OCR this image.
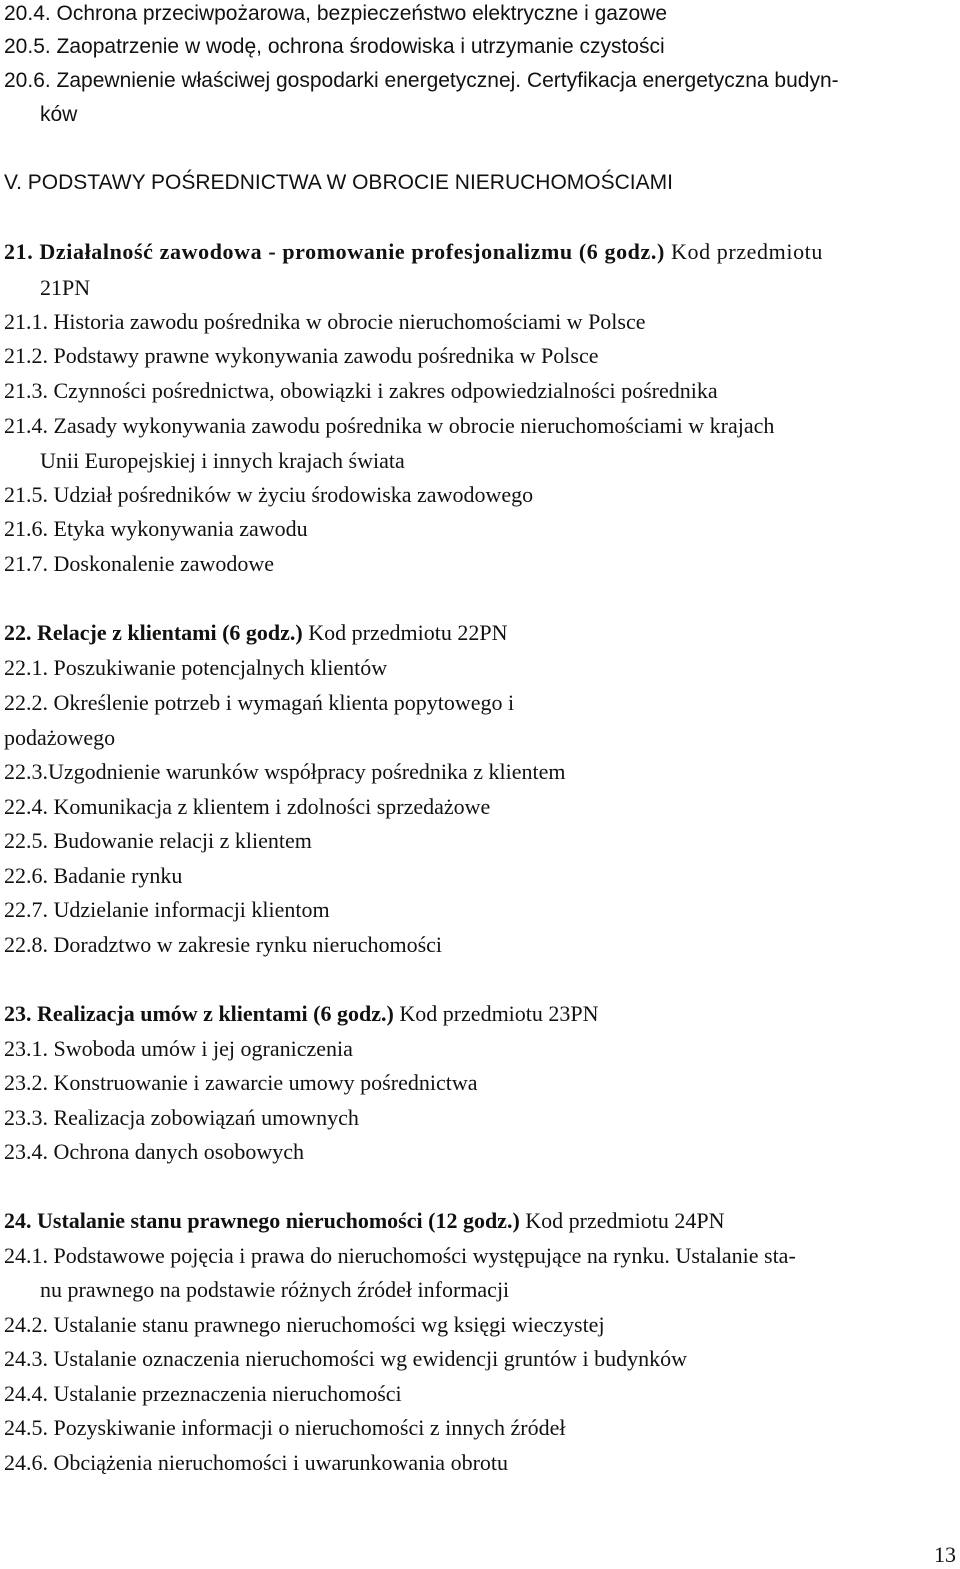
20.4. Ochrona przeciwpożarowa, bezpieczeństwo elektryczne i gazowe
20.5. Zaopatrzenie w wodę, ochrona środowiska i utrzymanie czystości
20.6. Zapewnienie właściwej gospodarki energetycznej. Certyfikacja energetyczna budyn-
ków
V. PODSTAWY POŚREDNICTWA W OBROCIE NIERUCHOMOŚCIAMI
21. Działalność zawodowa - promowanie profesjonalizmu (6 godz.) Kod przedmiotu
21PN
21.1. Historia zawodu pośrednika w obrocie nieruchomościami w Polsce
21.2. Podstawy prawne wykonywania zawodu pośrednika w Polsce
21.3. Czynności pośrednictwa, obowiązki i zakres odpowiedzialności pośrednika
21.4. Zasady wykonywania zawodu pośrednika w obrocie nieruchomościami w krajach
Unii Europejskiej i innych krajach świata
21.5. Udział pośredników w życiu środowiska zawodowego
21.6. Etyka wykonywania zawodu
21.7. Doskonalenie zawodowe
22. Relacje z klientami (6 godz.) Kod przedmiotu 22PN
22.1. Poszukiwanie potencjalnych klientów
22.2. Określenie potrzeb i wymagań klienta popytowego i
podażowego
22.3.Uzgodnienie warunków współpracy pośrednika z klientem
22.4. Komunikacja z klientem i zdolności sprzedażowe
22.5. Budowanie relacji z klientem
22.6. Badanie rynku
22.7. Udzielanie informacji klientom
22.8. Doradztwo w zakresie rynku nieruchomości
23. Realizacja umów z klientami (6 godz.) Kod przedmiotu 23PN
23.1. Swoboda umów i jej ograniczenia
23.2. Konstruowanie i zawarcie umowy pośrednictwa
23.3. Realizacja zobowiązań umownych
23.4. Ochrona danych osobowych
24. Ustalanie stanu prawnego nieruchomości (12 godz.) Kod przedmiotu 24PN
24.1. Podstawowe pojęcia i prawa do nieruchomości występujące na rynku. Ustalanie sta-
nu prawnego na podstawie różnych źródeł informacji
24.2. Ustalanie stanu prawnego nieruchomości wg księgi wieczystej
24.3. Ustalanie oznaczenia nieruchomości wg ewidencji gruntów i budynków
24.4. Ustalanie przeznaczenia nieruchomości
24.5. Pozyskiwanie informacji o nieruchomości z innych źródeł
24.6. Obciążenia nieruchomości i uwarunkowania obrotu
13
